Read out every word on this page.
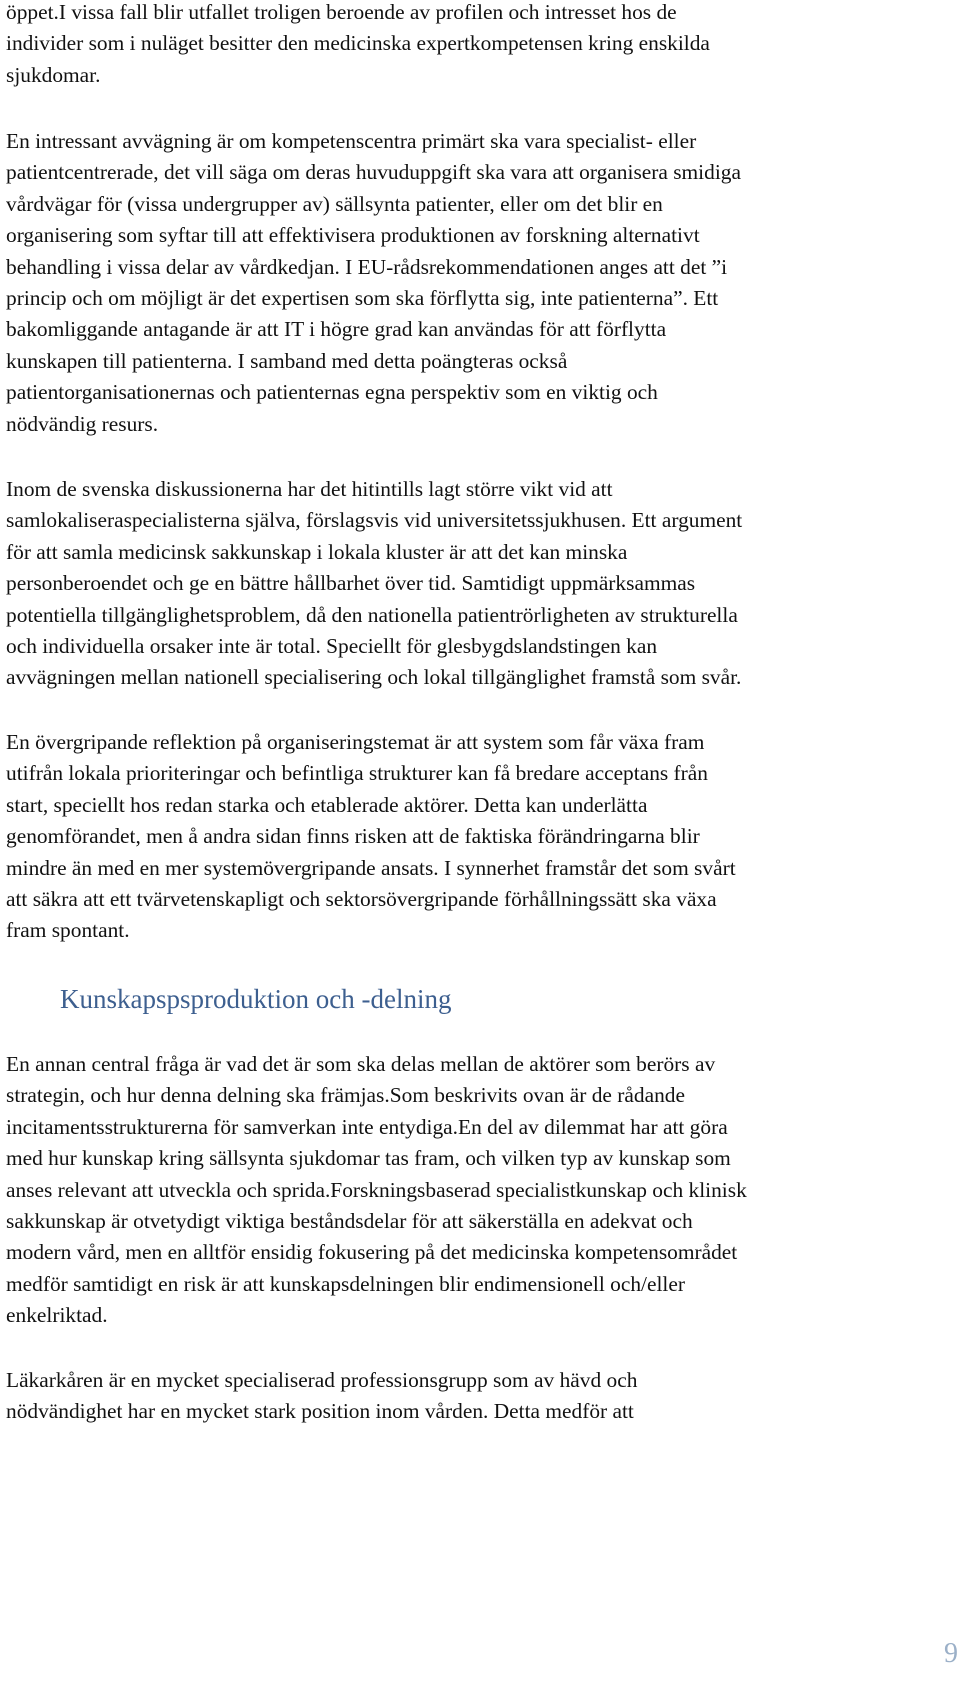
öppet.I vissa fall blir utfallet troligen beroende av profilen och intresset hos de
individer som i nuläget besitter den medicinska expertkompetensen kring enskilda
sjukdomar.

En intressant avvägning är om kompetenscentra primärt ska vara specialist- eller
patientcentrerade, det vill säga om deras huvuduppgift ska vara att organisera smidiga
vårdvägar för (vissa undergrupper av) sällsynta patienter, eller om det blir en
organisering som syftar till att effektivisera produktionen av forskning alternativt
behandling i vissa delar av vårdkedjan. I EU-rådsrekommendationen anges att det ”i
princip och om möjligt är det expertisen som ska förflytta sig, inte patienterna”. Ett
bakomliggande antagande är att IT i högre grad kan användas för att förflytta
kunskapen till patienterna. I samband med detta poängteras också
patientorganisationernas och patienternas egna perspektiv som en viktig och
nödvändig resurs.

Inom de svenska diskussionerna har det hitintills lagt större vikt vid att
samlokaliseraspecialisterna själva, förslagsvis vid universitetssjukhusen. Ett argument
för att samla medicinsk sakkunskap i lokala kluster är att det kan minska
personberoendet och ge en bättre hållbarhet över tid. Samtidigt uppmärksammas
potentiella tillgänglighetsproblem, då den nationella patientrörligheten av strukturella
och individuella orsaker inte är total. Speciellt för glesbygdslandstingen kan
avvägningen mellan nationell specialisering och lokal tillgänglighet framstå som svår.

En övergripande reflektion på organiseringstemat är att system som får växa fram
utifrån lokala prioriteringar och befintliga strukturer kan få bredare acceptans från
start, speciellt hos redan starka och etablerade aktörer. Detta kan underlätta
genomförandet, men å andra sidan finns risken att de faktiska förändringarna blir
mindre än med en mer systemövergripande ansats. I synnerhet framstår det som svårt
att säkra att ett tvärvetenskapligt och sektorsövergripande förhållningssätt ska växa
fram spontant.

Kunskapspsproduktion och -delning

En annan central fråga är vad det är som ska delas mellan de aktörer som berörs av
strategin, och hur denna delning ska främjas.Som beskrivits ovan är de rådande
incitamentsstrukturerna för samverkan inte entydiga.En del av dilemmat har att göra
med hur kunskap kring sällsynta sjukdomar tas fram, och vilken typ av kunskap som
anses relevant att utveckla och sprida.Forskningsbaserad specialistkunskap och klinisk
sakkunskap är otvetydigt viktiga beståndsdelar för att säkerställa en adekvat och
modern vård, men en alltför ensidig fokusering på det medicinska kompetensområdet
medför samtidigt en risk är att kunskapsdelningen blir endimensionell och/eller
enkelriktad.

Läkarkåren är en mycket specialiserad professionsgrupp som av hävd och
nödvändighet har en mycket stark position inom vården. Detta medför att

9
